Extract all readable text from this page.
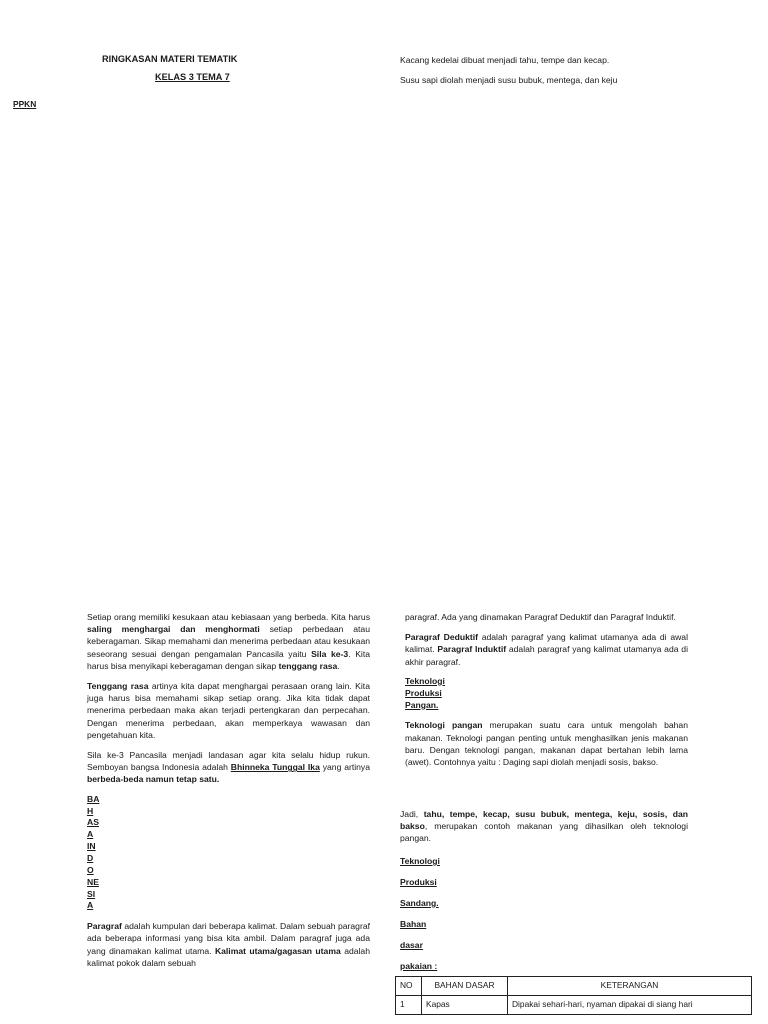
RINGKASAN MATERI TEMATIK
KELAS 3 TEMA 7
PPKN
Kacang kedelai dibuat menjadi tahu, tempe dan kecap.
Susu sapi diolah menjadi susu bubuk, mentega, dan keju

Setiap orang memiliki kesukaan atau kebiasaan yang berbeda. Kita harus saling menghargai dan menghormati setiap perbedaan atau keberagaman. Sikap memahami dan menerima perbedaan atau kesukaan seseorang sesuai dengan pengamalan Pancasila yaitu Sila ke-3. Kita harus bisa menyikapi keberagaman dengan sikap tenggang rasa.

Tenggang rasa artinya kita dapat menghargai perasaan orang lain. Kita juga harus bisa memahami sikap setiap orang. Jika kita tidak dapat menerima perbedaan maka akan terjadi pertengkaran dan perpecahan. Dengan menerima perbedaan, akan memperkaya wawasan dan pengetahuan kita.

Sila ke-3 Pancasila menjadi landasan agar kita selalu hidup rukun. Semboyan bangsa Indonesia adalah Bhinneka Tunggal Ika yang artinya berbeda-beda namun tetap satu.

BA
H
AS
A
IN
D
O
NE
SI
A

Paragraf adalah kumpulan dari beberapa kalimat. Dalam sebuah paragraf ada beberapa informasi yang bisa kita ambil. Dalam paragraf juga ada yang dinamakan kalimat utama. Kalimat utama/gagasan utama adalah kalimat pokok dalam sebuah

paragraf. Ada yang dinamakan Paragraf Deduktif dan Paragraf Induktif.

Paragraf Deduktif adalah paragraf yang kalimat utamanya ada di awal kalimat. Paragraf Induktif adalah paragraf yang kalimat utamanya ada di akhir paragraf.

Teknologi
Produksi
Pangan.

Teknologi pangan merupakan suatu cara untuk mengolah bahan makanan. Teknologi pangan penting untuk menghasilkan jenis makanan baru. Dengan teknologi pangan, makanan dapat bertahan lebih lama (awet). Contohnya yaitu : Daging sapi diolah menjadi sosis, bakso.

Jadi, tahu, tempe, kecap, susu bubuk, mentega, keju, sosis, dan bakso, merupakan contoh makanan yang dihasilkan oleh teknologi pangan.

Teknologi
Produksi
Sandang.
Bahan
dasar
pakaian :
NO	BAHAN DASAR	KETERANGAN
1	Kapas	Dipakai sehari-hari, nyaman dipakai di siang hari
